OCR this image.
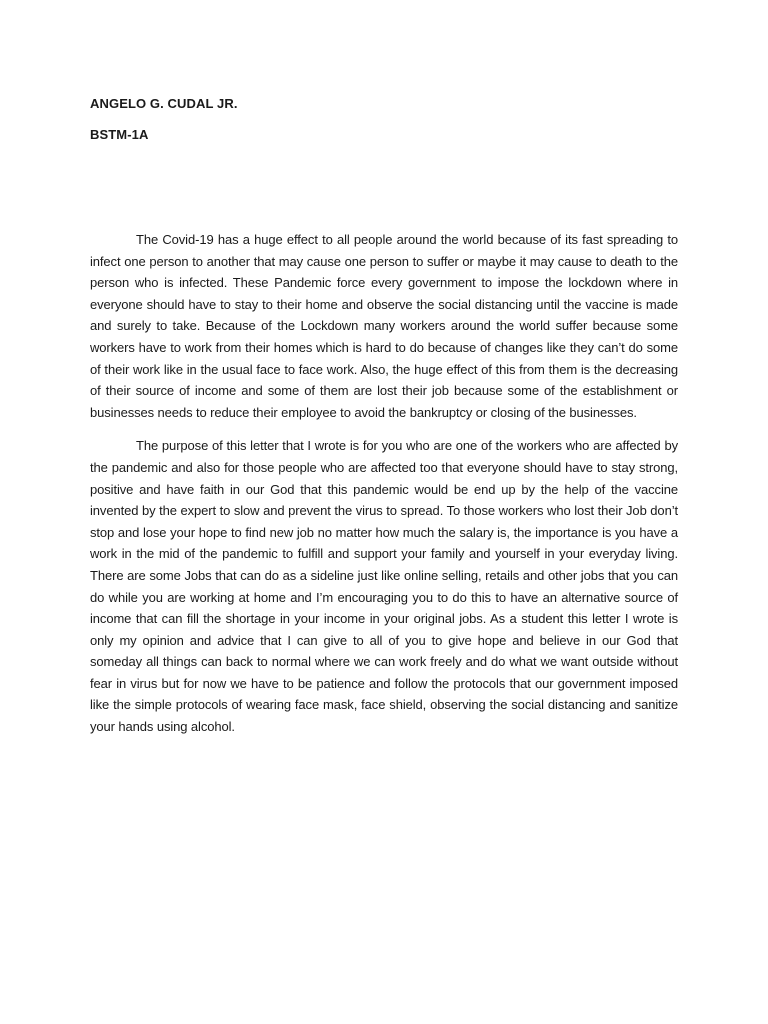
ANGELO G. CUDAL JR.
BSTM-1A

The Covid-19 has a huge effect to all people around the world because of its fast spreading to infect one person to another that may cause one person to suffer or maybe it may cause to death to the person who is infected. These Pandemic force every government to impose the lockdown where in everyone should have to stay to their home and observe the social distancing until the vaccine is made and surely to take. Because of the Lockdown many workers around the world suffer because some workers have to work from their homes which is hard to do because of changes like they can’t do some of their work like in the usual face to face work. Also, the huge effect of this from them is the decreasing of their source of income and some of them are lost their job because some of the establishment or businesses needs to reduce their employee to avoid the bankruptcy or closing of the businesses.

The purpose of this letter that I wrote is for you who are one of the workers who are affected by the pandemic and also for those people who are affected too that everyone should have to stay strong, positive and have faith in our God that this pandemic would be end up by the help of the vaccine invented by the expert to slow and prevent the virus to spread. To those workers who lost their Job don’t stop and lose your hope to find new job no matter how much the salary is, the importance is you have a work in the mid of the pandemic to fulfill and support your family and yourself in your everyday living. There are some Jobs that can do as a sideline just like online selling, retails and other jobs that you can do while you are working at home and I’m encouraging you to do this to have an alternative source of income that can fill the shortage in your income in your original jobs. As a student this letter I wrote is only my opinion and advice that I can give to all of you to give hope and believe in our God that someday all things can back to normal where we can work freely and do what we want outside without fear in virus but for now we have to be patience and follow the protocols that our government imposed like the simple protocols of wearing face mask, face shield, observing the social distancing and sanitize your hands using alcohol.
